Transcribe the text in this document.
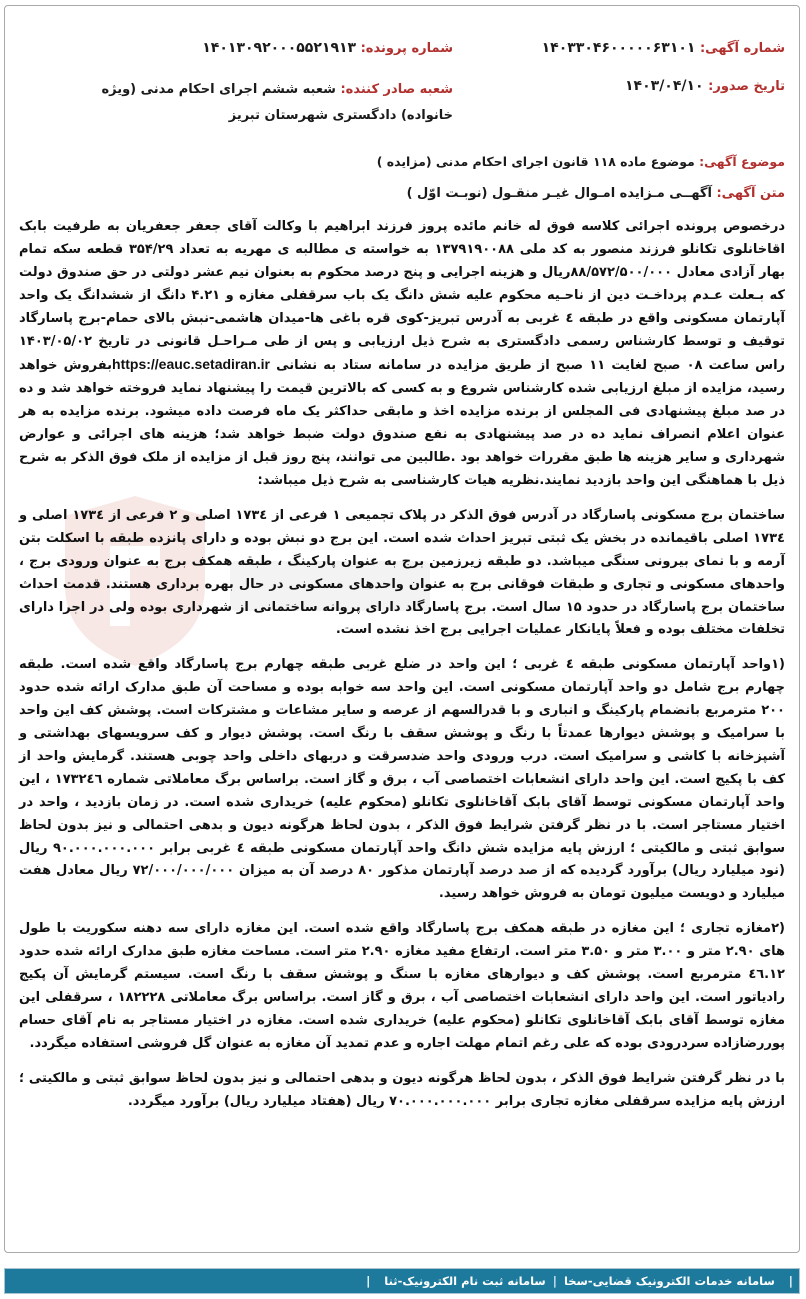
شماره آگهی: ۱۴۰۳۳۰۴۶۰۰۰۰۰۶۳۱۰۱
تاریخ صدور: ۱۴۰۳/۰۴/۱۰
شماره پرونده: ۱۴۰۱۳۰۹۲۰۰۰۵۵۲۱۹۱۳
شعبه صادر کننده: شعبه ششم اجرای احکام مدنی (ویژه خانواده) دادگستری شهرستان تبریز
موضوع آگهی: موضوع ماده ۱۱۸ قانون اجرای احکام مدنی (مزایده )
متن آگهی: آگهــی مـزایده امـوال غیـر منقـول (نوبـت اوّل )

درخصوص پرونده اجرائی کلاسه فوق له خانم مائده پروز فرزند ابراهیم با وکالت آقای جعفر جعفریان به طرفیت بابک اقاخانلوی تکانلو فرزند منصور به کد ملی ۱۳۷۹۱۹۰۰۸۸ به خواسته ی مطالبه ی مهریه به تعداد ۳۵۴/۲۹ قطعه سکه تمام بهار آزادی معادل ۸۸/۵۷۲/۵۰۰/۰۰۰ریال و هزینه اجرایی و پنج درصد محکوم به بعنوان نیم عشر دولتی در حق صندوق دولت که بـعلت عـدم پرداخـت دین از ناحـیه محکوم علیه شش دانگ یک باب سرقفلی مغازه و ۴.۲۱ دانگ از ششدانگ یک واحد آپارتمان مسکونی واقع در طبقه ٤ غربی به آدرس تبریز-کوی قره باغی ها-میدان هاشمی-نبش بالای حمام-برج پاسارگاد توقیف و توسط کارشناس رسمی دادگستری به شرح ذیل ارزیابی و پس از طی مـراحـل قانونی در تاریخ ۱۴۰۳/۰۵/۰۲ راس ساعت ۰۸ صبح لغایت ۱۱ صبح از طریق مزایده در سامانه ستاد به نشانی https://eauc.setadiran.irبفروش خواهد رسید، مزایده از مبلغ ارزیابی شده کارشناس شروع و به کسی که بالاترین قیمت را پیشنهاد نماید فروخته خواهد شد و ده در صد مبلغ پیشنهادی فی المجلس از برنده مزایده اخذ و مابقی حداکثر یک ماه فرصت داده میشود. برنده مزایده به هر عنوان اعلام انصراف نماید ده در صد پیشنهادی به نفع صندوق دولت ضبط خواهد شد؛ هزینه های اجرائی و عوارض شهرداری و سایر هزینه ها طبق مقررات خواهد بود .طالبین می توانند، پنج روز قبل از مزایده از ملک فوق الذکر به شرح ذیل با هماهنگی این واحد بازدید نمایند.نظریه هیات کارشناسی به شرح ذیل میباشد:

ساختمان برج مسکونی پاسارگاد در آدرس فوق الذکر در پلاک تجمیعی ۱ فرعی از ۱۷۳٤ اصلی و ۲ فرعی از ۱۷۳٤ اصلی و ۱۷۳٤ اصلی باقیمانده در بخش یک ثبتی تبریز احداث شده است. این برج دو نبش بوده و دارای پانزده طبقه با اسکلت بتن آرمه و با نمای بیرونی سنگی میباشد. دو طبقه زیرزمین برج به عنوان پارکینگ ، طبقه همکف برج به عنوان ورودی برج ، واحدهای مسکونی و تجاری و طبقات فوقانی برج به عنوان واحدهای مسکونی در حال بهره برداری هستند. قدمت احداث ساختمان برج پاسارگاد در حدود ۱۵ سال است. برج پاسارگاد دارای پروانه ساختمانی از شهرداری بوده ولی در اجرا دارای تخلفات مختلف بوده و فعلاً پایانکار عملیات اجرایی برج اخذ نشده است.

(۱واحد آپارتمان مسکونی طبقه ٤ غربی ؛ این واحد در ضلع غربی طبقه چهارم برج پاسارگاد واقع شده است. طبقه چهارم برج شامل دو واحد آپارتمان مسکونی است. این واحد سه خوابه بوده و مساحت آن طبق مدارک ارائه شده حدود ۲۰۰ مترمربع بانضمام پارکینگ و انباری و با قدرالسهم از عرصه و سایر مشاعات و مشترکات است. پوشش کف این واحد با سرامیک و پوشش دیوارها عمدتاً با رنگ و پوشش سقف با رنگ است. پوشش دیوار و کف سرویسهای بهداشتی و آشپزخانه با کاشی و سرامیک است. درب ورودی واحد ضدسرقت و دربهای داخلی واحد چوبی هستند. گرمایش واحد از کف با پکیج است. این واحد دارای انشعابات اختصاصی آب ، برق و گاز است. براساس برگ معاملاتی شماره ۱۷۳۲٤٦ ، این واحد آپارتمان مسکونی توسط آقای بابک آقاخانلوی تکانلو (محکوم علیه) خریداری شده است. در زمان بازدید ، واحد در اختیار مستاجر است. با در نظر گرفتن شرایط فوق الذکر ، بدون لحاظ هرگونه دیون و بدهی احتمالی و نیز بدون لحاظ سوابق ثبتی و مالکیتی ؛ ارزش پایه مزایده شش دانگ واحد آپارتمان مسکونی طبقه ٤ غربی برابر ۹۰.۰۰۰.۰۰۰.۰۰۰ ریال (نود میلیارد ریال) برآورد گردیده که از صد درصد آپارتمان مذکور ۸۰ درصد آن به میزان ۷۲/۰۰۰/۰۰۰/۰۰۰ ریال معادل هفت میلیارد و دویست میلیون تومان به فروش خواهد رسید.

(۲مغازه تجاری ؛ این مغازه در طبقه همکف برج پاسارگاد واقع شده است. این مغازه دارای سه دهنه سکوریت با طول های ۲.۹۰ متر و ۳.۰۰ متر و ۳.۵۰ متر است. ارتفاع مفید مغازه ۲.۹۰ متر است. مساحت مغازه طبق مدارک ارائه شده حدود ٤٦.۱۲ مترمربع است. پوشش کف و دیوارهای مغازه با سنگ و پوشش سقف با رنگ است. سیستم گرمایش آن پکیج رادیاتور است. این واحد دارای انشعابات اختصاصی آب ، برق و گاز است. براساس برگ معاملاتی ۱۸۲۲۲۸ ، سرقفلی این مغازه توسط آقای بابک آقاخانلوی تکانلو (محکوم علیه) خریداری شده است. مغازه در اختیار مستاجر به نام آقای حسام پوررضازاده سردرودی بوده که علی رغم اتمام مهلت اجاره و عدم تمدید آن مغازه به عنوان گل فروشی استفاده میگردد.

با در نظر گرفتن شرایط فوق الذکر ، بدون لحاظ هرگونه دیون و بدهی احتمالی و نیز بدون لحاظ سوابق ثبتی و مالکیتی ؛ ارزش پایه مزایده سرقفلی مغازه تجاری برابر ۷۰.۰۰۰.۰۰۰.۰۰۰ ریال (هفتاد میلیارد ریال) برآورد میگردد.

|
سامانه خدمات الکترونیک قضایی-سخا
|
سامانه ثبت نام الکترونیک-ثنا
|
